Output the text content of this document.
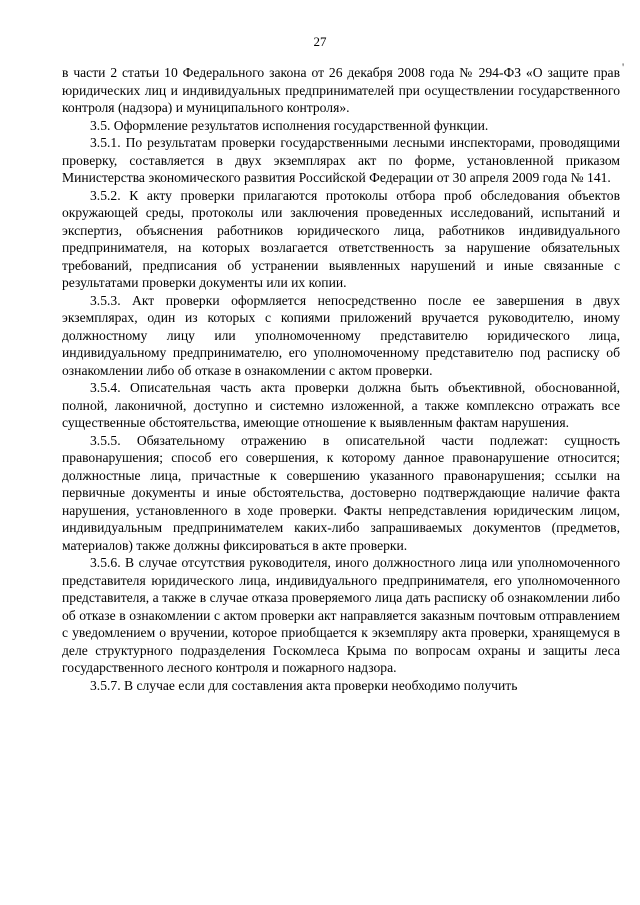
27
'

в части 2 статьи 10 Федерального закона от 26 декабря 2008 года № 294-ФЗ «О защите прав юридических лиц и индивидуальных предпринимателей при осуществлении государственного контроля (надзора) и муниципального контроля».

3.5. Оформление результатов исполнения государственной функции.

3.5.1. По результатам проверки государственными лесными инспекторами, проводящими проверку, составляется в двух экземплярах акт по форме, установленной приказом Министерства экономического развития Российской Федерации от 30 апреля 2009 года № 141.

3.5.2. К акту проверки прилагаются протоколы отбора проб обследования объектов окружающей среды, протоколы или заключения проведенных исследований, испытаний и экспертиз, объяснения работников юридического лица, работников индивидуального предпринимателя, на которых возлагается ответственность за нарушение обязательных требований, предписания об устранении выявленных нарушений и иные связанные с результатами проверки документы или их копии.

3.5.3. Акт проверки оформляется непосредственно после ее завершения в двух экземплярах, один из которых с копиями приложений вручается руководителю, иному должностному лицу или уполномоченному представителю юридического лица, индивидуальному предпринимателю, его уполномоченному представителю под расписку об ознакомлении либо об отказе в ознакомлении с актом проверки.

3.5.4. Описательная часть акта проверки должна быть объективной, обоснованной, полной, лаконичной, доступно и системно изложенной, а также комплексно отражать все существенные обстоятельства, имеющие отношение к выявленным фактам нарушения.

3.5.5. Обязательному отражению в описательной части подлежат: сущность правонарушения; способ его совершения, к которому данное правонарушение относится; должностные лица, причастные к совершению указанного правонарушения; ссылки на первичные документы и иные обстоятельства, достоверно подтверждающие наличие факта нарушения, установленного в ходе проверки. Факты непредставления юридическим лицом, индивидуальным предпринимателем каких-либо запрашиваемых документов (предметов, материалов) также должны фиксироваться в акте проверки.

3.5.6. В случае отсутствия руководителя, иного должностного лица или уполномоченного представителя юридического лица, индивидуального предпринимателя, его уполномоченного представителя, а также в случае отказа проверяемого лица дать расписку об ознакомлении либо об отказе в ознакомлении с актом проверки акт направляется заказным почтовым отправлением с уведомлением о вручении, которое приобщается к экземпляру акта проверки, хранящемуся в деле структурного подразделения Госкомлеса Крыма по вопросам охраны и защиты леса государственного лесного контроля и пожарного надзора.

3.5.7. В случае если для составления акта проверки необходимо получить
